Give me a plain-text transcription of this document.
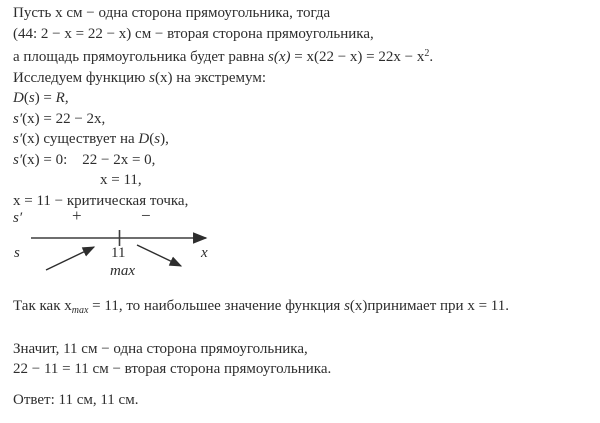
Пусть x см − одна сторона прямоугольника, тогда
(44: 2 − x = 22 − x) см − вторая сторона прямоугольника,
а площадь прямоугольника будет равна $s(x) = x(22 - x) = 22x - x^2$.
Исследуем функцию s(x) на экстремум:
D(s) = R,
s′(x) = 22 − 2x,
s′(x) существует на D(s),
s′(x) = 0: 22 − 2x = 0,
x = 11,
x = 11 − критическая точка,
s′	+	−
s	11	x
max
Так как $x_{max} = 11$, то наибольшее значение функция s(x)принимает при x = 11.
Значит, 11 см − одна сторона прямоугольника,
22 − 11 = 11 см − вторая сторона прямоугольника.
Ответ: 11 см, 11 см.
